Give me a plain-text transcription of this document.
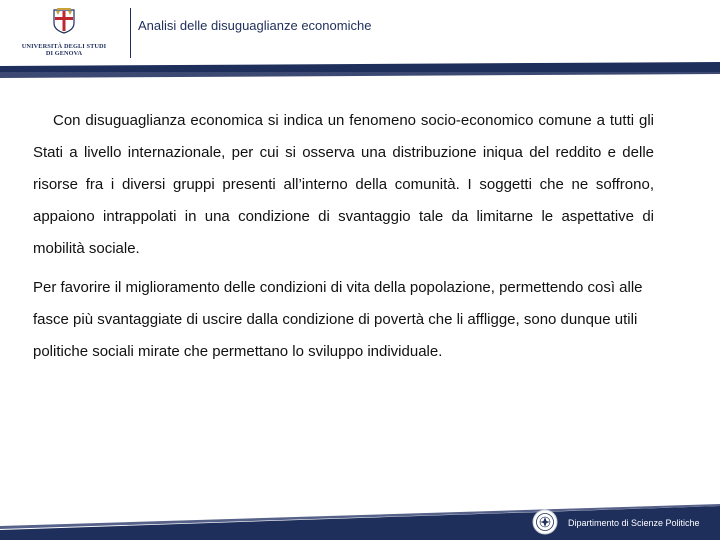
UNIVERSITÀ DEGLI STUDI
DI GENOVA
Analisi delle disuguaglianze economiche

Con disuguaglianza economica si indica un fenomeno socio-economico comune a tutti gli Stati a livello internazionale, per cui si osserva una distribuzione iniqua del reddito e delle risorse fra i diversi gruppi presenti all’interno della comunità. I soggetti che ne soffrono, appaiono intrappolati in una condizione di svantaggio tale da limitarne le aspettative di mobilità sociale.

Per favorire il miglioramento delle condizioni di vita della popolazione, permettendo così alle fasce più svantaggiate di uscire dalla condizione di povertà che li affligge, sono dunque utili politiche sociali mirate che permettano lo sviluppo individuale.

Dipartimento di Scienze Politiche
